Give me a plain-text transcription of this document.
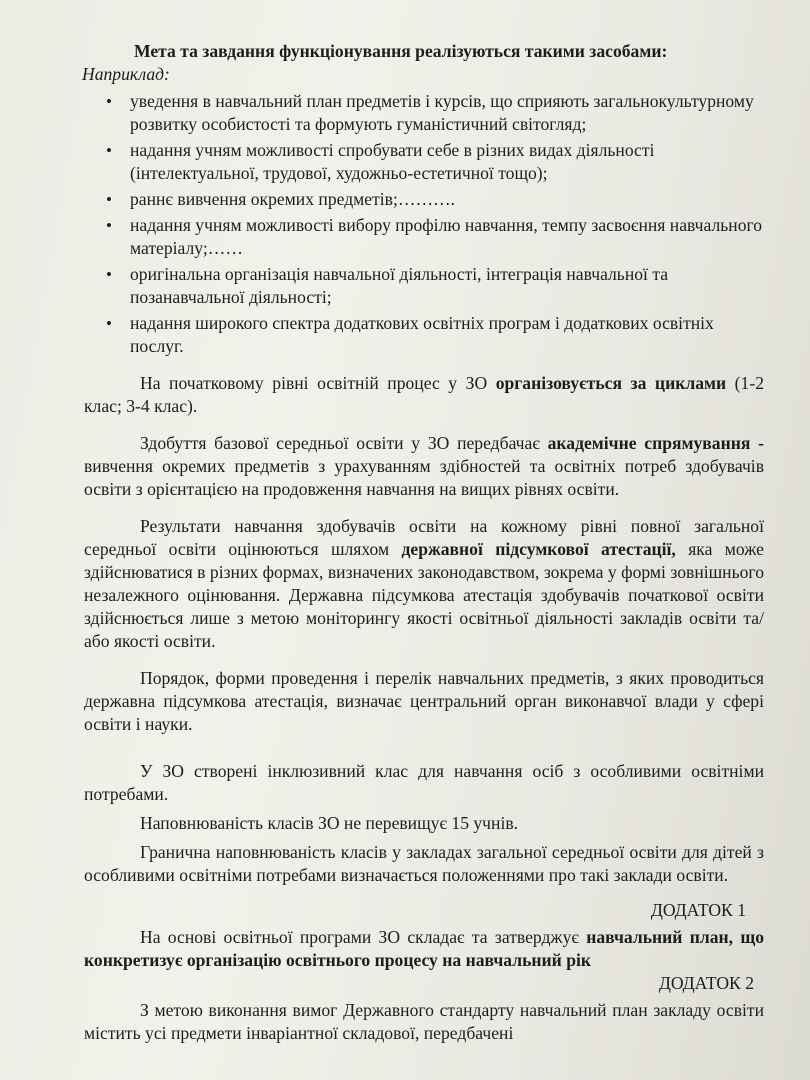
Мета та завдання функціонування реалізуються такими засобами:
Наприклад:
• уведення в навчальний план предметів і курсів, що сприяють загальнокультурному розвитку особистості та формують гуманістичний світогляд;
• надання учням можливості спробувати себе в різних видах діяльності (інтелектуальної, трудової, художньо-естетичної тощо);
• раннє вивчення окремих предметів;……….
• надання учням можливості вибору профілю навчання, темпу засвоєння навчального матеріалу;……
• оригінальна організація навчальної діяльності, інтеграція навчальної та позанавчальної діяльності;
• надання широкого спектра додаткових освітніх програм і додаткових освітніх послуг.

На початковому рівні освітній процес у ЗО організовується за циклами (1-2 клас; 3-4 клас).

Здобуття базової середньої освіти у ЗО передбачає академічне спрямування - вивчення окремих предметів з урахуванням здібностей та освітніх потреб здобувачів освіти з орієнтацією на продовження навчання на вищих рівнях освіти.

Результати навчання здобувачів освіти на кожному рівні повної загальної середньої освіти оцінюються шляхом державної підсумкової атестації, яка може здійснюватися в різних формах, визначених законодавством, зокрема у формі зовнішнього незалежного оцінювання. Державна підсумкова атестація здобувачів початкової освіти здійснюється лише з метою моніторингу якості освітньої діяльності закладів освіти та/або якості освіти.

Порядок, форми проведення і перелік навчальних предметів, з яких проводиться державна підсумкова атестація, визначає центральний орган виконавчої влади у сфері освіти і науки.

У ЗО створені інклюзивний клас для навчання осіб з особливими освітніми потребами.

Наповнюваність класів ЗО не перевищує 15 учнів.

Гранична наповнюваність класів у закладах загальної середньої освіти для дітей з особливими освітніми потребами визначається положеннями про такі заклади освіти.

ДОДАТОК 1

На основі освітньої програми ЗО складає та затверджує навчальний план, що конкретизує організацію освітнього процесу на навчальний рік

ДОДАТОК 2

З метою виконання вимог Державного стандарту навчальний план закладу освіти містить усі предмети інваріантної складової, передбачені
